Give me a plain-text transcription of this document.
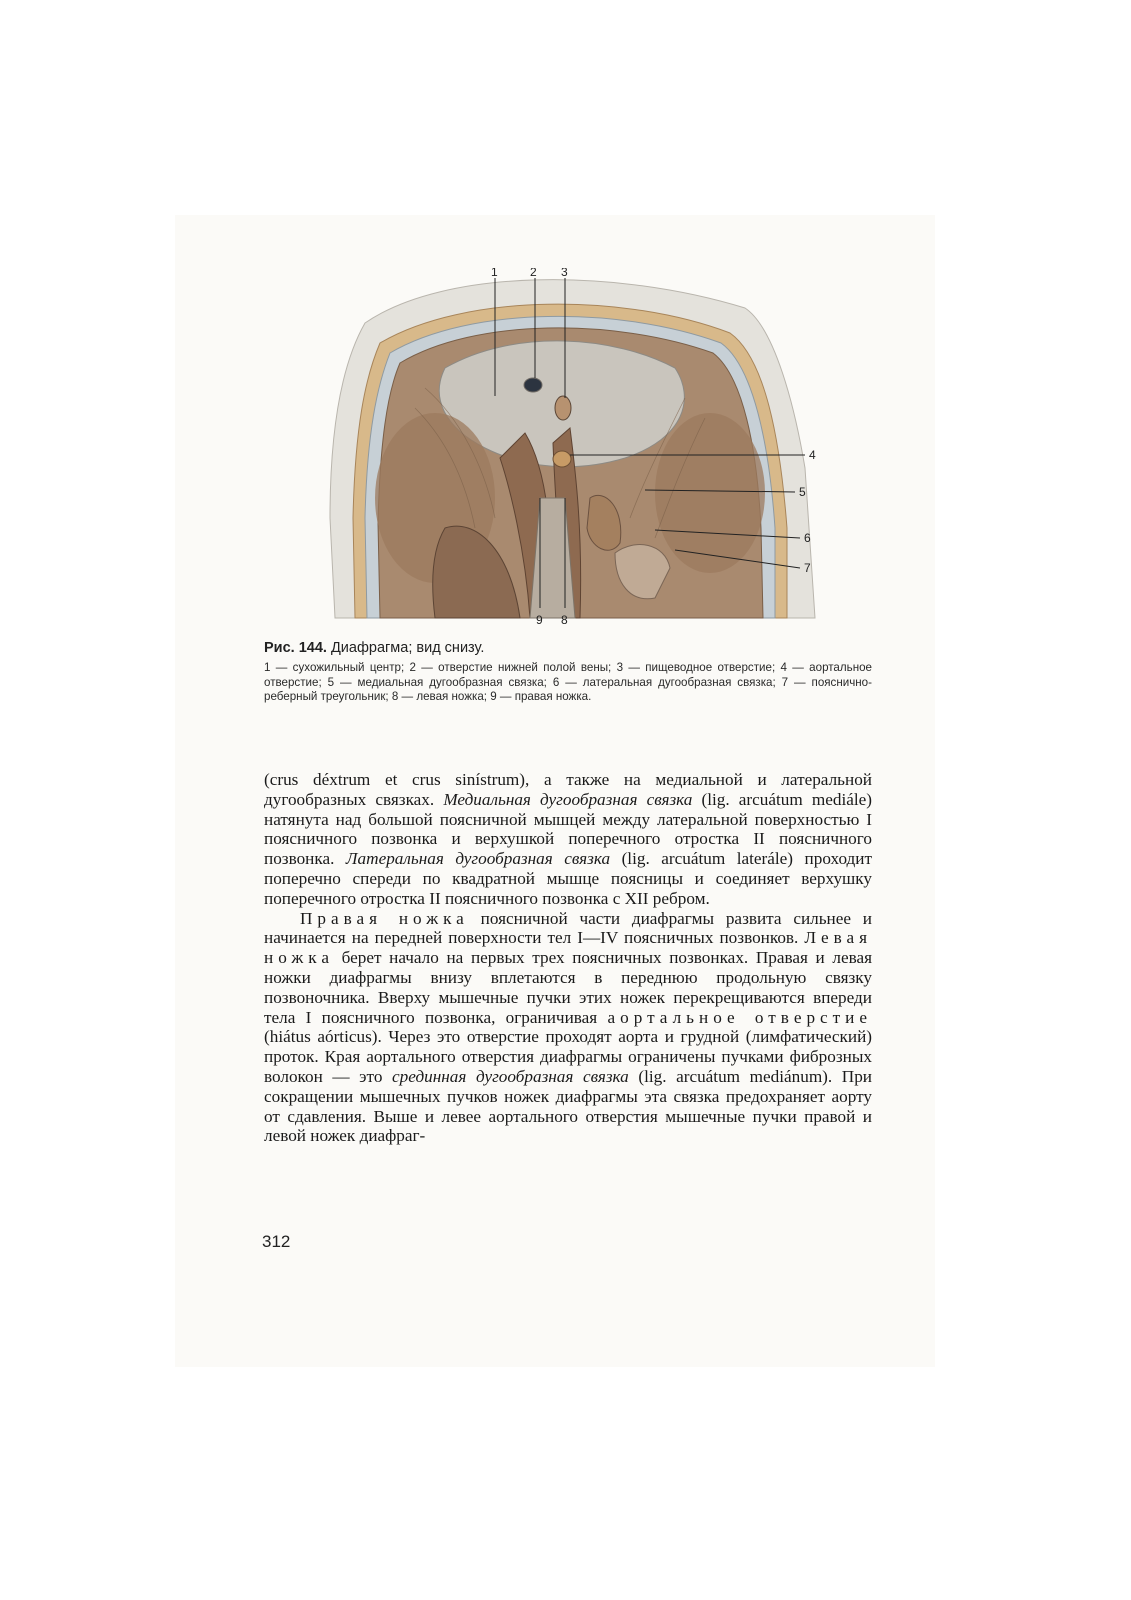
1	2 3
4
5
6
7
8
9
Рис. 144. Диафрагма; вид снизу.
1 — сухожильный центр; 2 — отверстие нижней полой вены; 3 — пищеводное отверстие; 4 — аортальное отверстие; 5 — медиальная дугообразная связка; 6 — латеральная дугообразная связка; 7 — пояснично-реберный треугольник; 8 — левая ножка; 9 — правая ножка.

(crus déxtrum et crus sinístrum), а также на медиальной и латеральной дугообразных связках. Медиальная дугообразная связка (lig. arcuátum mediále) натянута над большой поясничной мышцей между латеральной поверхностью I поясничного позвонка и верхушкой поперечного отростка II поясничного позвонка. Латеральная дугообразная связка (lig. arcuátum laterále) проходит поперечно спереди по квадратной мышце поясницы и соединяет верхушку поперечного отростка II поясничного позвонка с XII ребром.

Правая ножка поясничной части диафрагмы развита сильнее и начинается на передней поверхности тел I—IV поясничных позвонков. Левая ножка берет начало на первых трех поясничных позвонках. Правая и левая ножки диафрагмы внизу вплетаются в переднюю продольную связку позвоночника. Вверху мышечные пучки этих ножек перекрещиваются впереди тела I поясничного позвонка, ограничивая аортальное отверстие (hiátus aórticus). Через это отверстие проходят аорта и грудной (лимфатический) проток. Края аортального отверстия диафрагмы ограничены пучками фиброзных волокон — это срединная дугообразная связка (lig. arcuátum mediánum). При сокращении мышечных пучков ножек диафрагмы эта связка предохраняет аорту от сдавления. Выше и левее аортального отверстия мышечные пучки правой и левой ножек диафраг-

312
